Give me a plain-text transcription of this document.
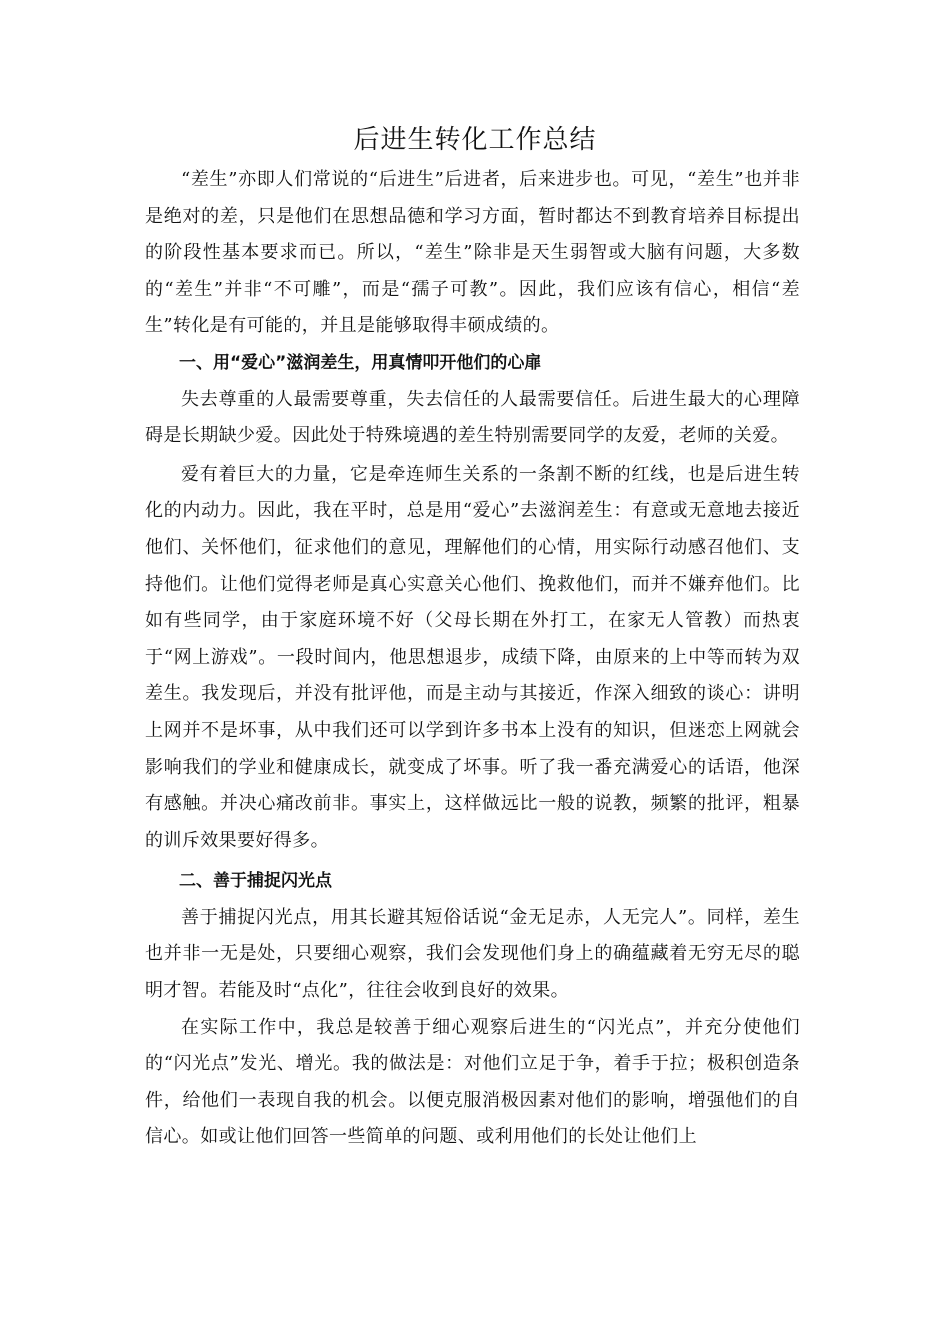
后进生转化工作总结

“差生”亦即人们常说的“后进生”后进者，后来进步也。可见，“差生”也并非是绝对的差，只是他们在思想品德和学习方面，暂时都达不到教育培养目标提出的阶段性基本要求而已。所以，“差生”除非是天生弱智或大脑有问题，大多数的“差生”并非“不可雕”，而是“孺子可教”。因此，我们应该有信心，相信“差生”转化是有可能的，并且是能够取得丰硕成绩的。

一、用“爱心”滋润差生，用真情叩开他们的心扉

失去尊重的人最需要尊重，失去信任的人最需要信任。后进生最大的心理障碍是长期缺少爱。因此处于特殊境遇的差生特别需要同学的友爱，老师的关爱。

爱有着巨大的力量，它是牵连师生关系的一条割不断的红线，也是后进生转化的内动力。因此，我在平时，总是用“爱心”去滋润差生：有意或无意地去接近他们、关怀他们，征求他们的意见，理解他们的心情，用实际行动感召他们、支持他们。让他们觉得老师是真心实意关心他们、挽救他们，而并不嫌弃他们。比如有些同学，由于家庭环境不好（父母长期在外打工，在家无人管教）而热衷于“网上游戏”。一段时间内，他思想退步，成绩下降，由原来的上中等而转为双差生。我发现后，并没有批评他，而是主动与其接近，作深入细致的谈心：讲明上网并不是坏事，从中我们还可以学到许多书本上没有的知识，但迷恋上网就会影响我们的学业和健康成长，就变成了坏事。听了我一番充满爱心的话语，他深有感触。并决心痛改前非。事实上，这样做远比一般的说教，频繁的批评，粗暴的训斥效果要好得多。

二、善于捕捉闪光点

善于捕捉闪光点，用其长避其短俗话说“金无足赤，人无完人”。同样，差生也并非一无是处，只要细心观察，我们会发现他们身上的确蕴藏着无穷无尽的聪明才智。若能及时“点化”，往往会收到良好的效果。

在实际工作中，我总是较善于细心观察后进生的“闪光点”，并充分使他们的“闪光点”发光、增光。我的做法是：对他们立足于争，着手于拉；极积创造条件，给他们一表现自我的机会。以便克服消极因素对他们的影响，增强他们的自信心。如或让他们回答一些简单的问题、或利用他们的长处让他们上
